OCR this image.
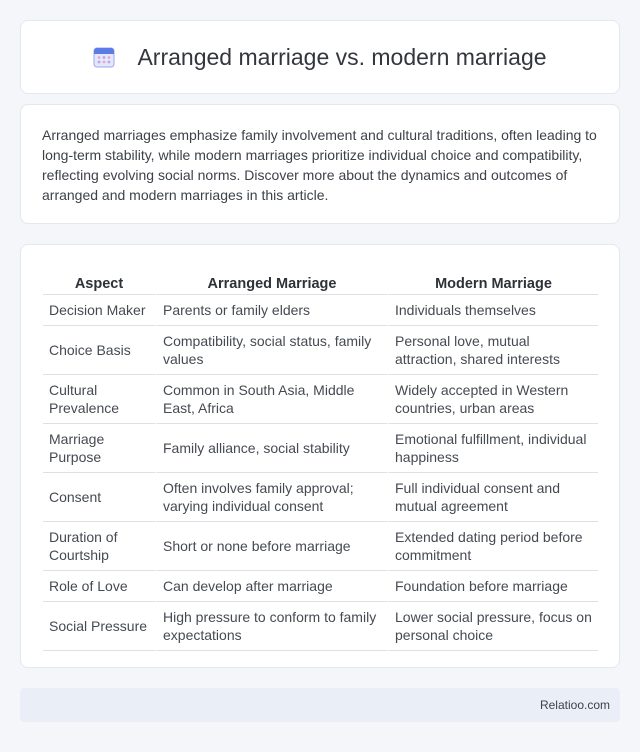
Arranged marriage vs. modern marriage

Arranged marriages emphasize family involvement and cultural traditions, often leading to long-term stability, while modern marriages prioritize individual choice and compatibility, reflecting evolving social norms. Discover more about the dynamics and outcomes of arranged and modern marriages in this article.

Aspect	Arranged Marriage	Modern Marriage
Decision Maker	Parents or family elders	Individuals themselves
Choice Basis	Compatibility, social status, family values	Personal love, mutual attraction, shared interests
Cultural Prevalence	Common in South Asia, Middle East, Africa	Widely accepted in Western countries, urban areas
Marriage Purpose	Family alliance, social stability	Emotional fulfillment, individual happiness
Consent	Often involves family approval; varying individual consent	Full individual consent and mutual agreement
Duration of Courtship	Short or none before marriage	Extended dating period before commitment
Role of Love	Can develop after marriage	Foundation before marriage
Social Pressure	High pressure to conform to family expectations	Lower social pressure, focus on personal choice
Relatioo.com
